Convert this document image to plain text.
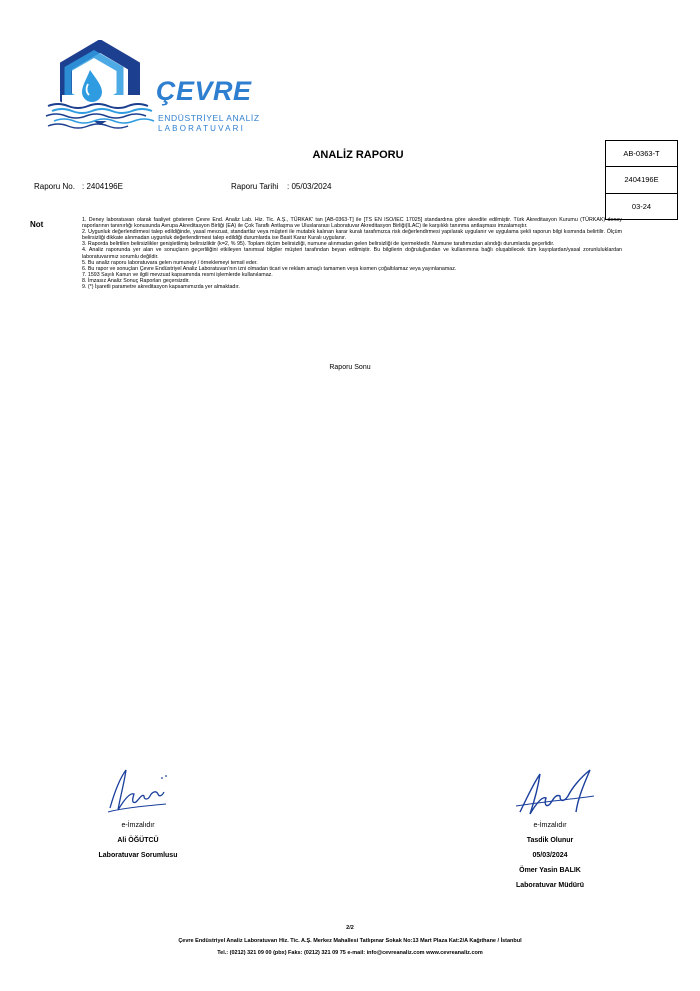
ÇEVRE
ENDÜSTRİYEL ANALİZ
LABORATUVARI
ANALİZ RAPORU	AB-0363-T
2404196E
03-24
Raporu No. : 2404196E	Raporu Tarihi : 05/03/2024
Not	1. Deney laboratuvarı olarak faaliyet gösteren Çevre End. Analiz Lab. Hiz. Tic. A.Ş., TÜRKAK' tan [AB-0363-T] ile [TS EN ISO/IEC 17025] standardına göre akredite edilmiştir. Türk Akreditasyon Kurumu (TÜRKAK) deney raporlarının tanınırlığı konusunda Avrupa Akreditasyon Birliği (EA) ile Çok Taraflı Antlaşma ve Uluslararası Laboratuvar Akreditasyon Birliği(ILAC) ile karşılıklı tanınma antlaşması imzalamıştır.

2. Uygunluk değerlendirmesi talep edildiğinde, yasal mevzuat, standartlar veya müşteri ile mutabık kalınan karar kuralı tarafımızca risk değerlendirmesi yapılarak uygulanır ve uygulama şekli raporun bilgi kısmında belirtilir. Ölçüm belirsizliği dikkate alınmadan uygunluk değerlendirmesi talep edildiği durumlarda ise Basit Karar Kuralı uygulanır.

3. Raporda belirtilen belirsizlikler genişletilmiş belirsizliktir (k=2, % 95). Toplam ölçüm belirsizliği, numune alınmadan gelen belirsizliği de içermektedir. Numune tarafımızdan alındığı durumlarda geçerlidir.

4. Analiz raporunda yer alan ve sonuçların geçerliliğini etkileyen tanımsal bilgiler müşteri tarafından beyan edilmiştir. Bu bilgilerin doğruluğundan ve kullanımına bağlı oluşabilecek tüm kayıplardan/yasal zorunluluklardan laboratuvarımız sorumlu değildir.

5. Bu analiz raporu laboratuvara gelen numuneyi / örneklemeyi temsil eder.

6. Bu rapor ve sonuçları Çevre Endüstriyel Analiz Laboratuvarı'nın izni olmadan ticari ve reklam amaçlı tamamen veya kısmen çoğaltılamaz veya yayınlanamaz.

7. 1593 Sayılı Kanun ve ilgili mevzuat kapsamında resmi işlemlerde kullanılamaz.

8. İmzasız Analiz Sonuç Raporları geçersizdir.

9. (*) İşaretli parametre akreditasyon kapsamımızda yer almaktadır.

Raporu Sonu
e-İmzalıdır
Ali ÖĞÜTCÜ
Laboratuvar Sorumlusu
e-İmzalıdır
Tasdik Olunur
05/03/2024
Ömer Yasin BALIK
Laboratuvar Müdürü
2/2
Çevre Endüstriyel Analiz Laboratuvarı Hiz. Tic. A.Ş. Merkez Mahallesi Tatlıpınar Sokak No:13 Mart Plaza Kat:2/A Kağıthane / İstanbul
Tel.: (0212) 321 09 00 (pbx) Faks: (0212) 321 09 75 e-mail: info@cevreanaliz.com www.cevreanaliz.com
